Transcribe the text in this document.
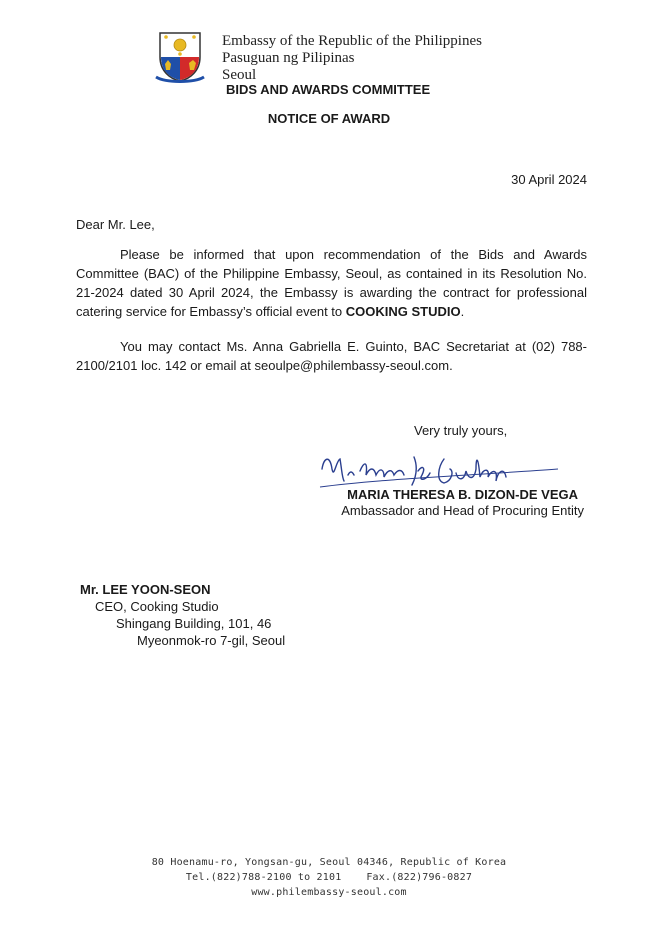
Embassy of the Republic of the Philippines
Pasuguan ng Pilipinas
Seoul
BIDS AND AWARDS COMMITTEE
NOTICE OF AWARD
30 April 2024
Dear Mr. Lee,
Please be informed that upon recommendation of the Bids and Awards Committee (BAC) of the Philippine Embassy, Seoul, as contained in its Resolution No. 21-2024 dated 30 April 2024, the Embassy is awarding the contract for professional catering service for Embassy’s official event to COOKING STUDIO.
You may contact Ms. Anna Gabriella E. Guinto, BAC Secretariat at (02) 788-2100/2101 loc. 142 or email at seoulpe@philembassy-seoul.com.
Very truly yours,
MARIA THERESA B. DIZON-DE VEGA
Ambassador and Head of Procuring Entity
Mr. LEE YOON-SEON
CEO, Cooking Studio
Shingang Building, 101, 46
Myeonmok-ro 7-gil, Seoul
80 Hoenamu-ro, Yongsan-gu, Seoul 04346, Republic of Korea
Tel.(822)788-2100 to 2101    Fax.(822)796-0827
www.philembassy-seoul.com
